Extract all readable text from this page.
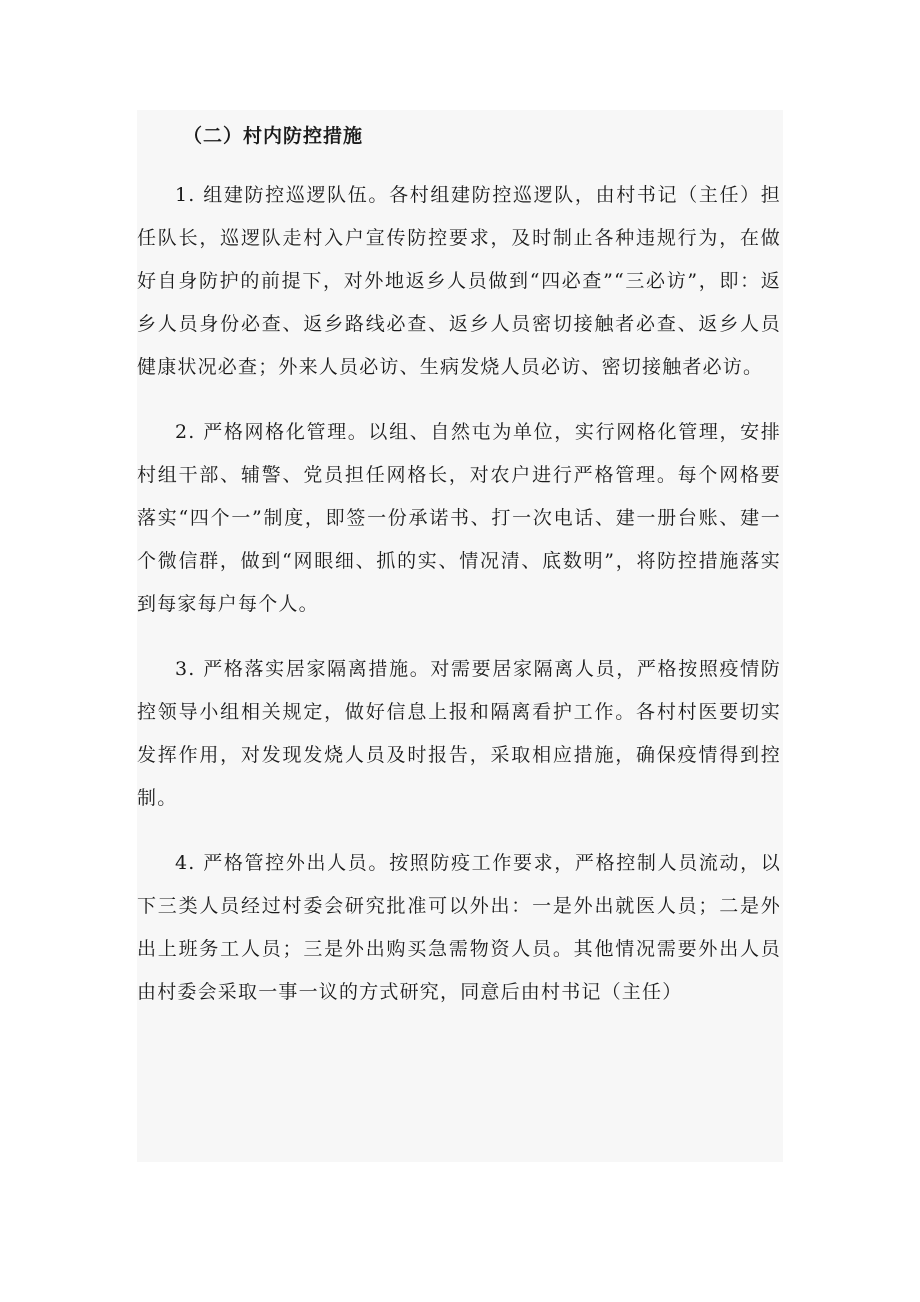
（二）村内防控措施

1. 组建防控巡逻队伍。各村组建防控巡逻队，由村书记（主任）担任队长，巡逻队走村入户宣传防控要求，及时制止各种违规行为，在做好自身防护的前提下，对外地返乡人员做到“四必查”“三必访”，即：返乡人员身份必查、返乡路线必查、返乡人员密切接触者必查、返乡人员健康状况必查；外来人员必访、生病发烧人员必访、密切接触者必访。

2. 严格网格化管理。以组、自然屯为单位，实行网格化管理，安排村组干部、辅警、党员担任网格长，对农户进行严格管理。每个网格要落实“四个一”制度，即签一份承诺书、打一次电话、建一册台账、建一个微信群，做到“网眼细、抓的实、情况清、底数明”，将防控措施落实到每家每户每个人。

3. 严格落实居家隔离措施。对需要居家隔离人员，严格按照疫情防控领导小组相关规定，做好信息上报和隔离看护工作。各村村医要切实发挥作用，对发现发烧人员及时报告，采取相应措施，确保疫情得到控制。

4. 严格管控外出人员。按照防疫工作要求，严格控制人员流动，以下三类人员经过村委会研究批准可以外出：一是外出就医人员；二是外出上班务工人员；三是外出购买急需物资人员。其他情况需要外出人员由村委会采取一事一议的方式研究，同意后由村书记（主任）
